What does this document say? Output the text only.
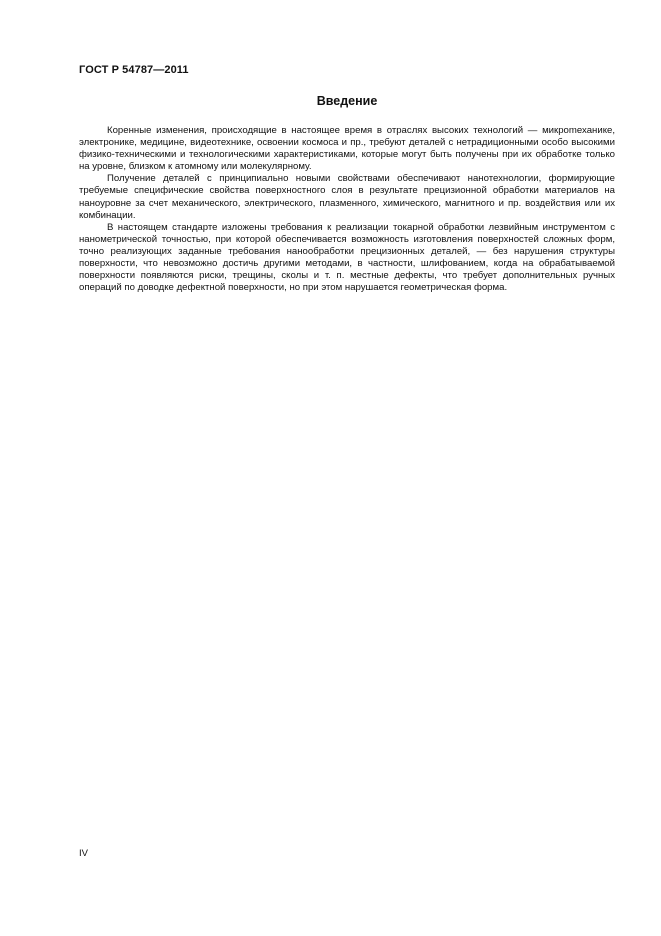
ГОСТ Р 54787—2011
Введение

Коренные изменения, происходящие в настоящее время в отраслях высоких технологий — микроmеханике, электронике, медицине, видеотехнике, освоении космоса и пр., требуют деталей с нетрадиционными особо высокими физико-техническими и технологическими характеристиками, которые могут быть получены при их обработке только на уровне, близком к атомному или молекулярному.

Получение деталей с принципиально новыми свойствами обеспечивают нанотехнологии, формирующие требуемые специфические свойства поверхностного слоя в результате прецизионной обработки материалов на наноуровне за счет механического, электрического, плазменного, химического, магнитного и пр. воздействия или их комбинации.

В настоящем стандарте изложены требования к реализации токарной обработки лезвийным инструментом с нанометрической точностью, при которой обеспечивается возможность изготовления поверхностей сложных форм, точно реализующих заданные требования нанообработки прецизионных деталей, — без нарушения структуры поверхности, что невозможно достичь другими методами, в частности, шлифованием, когда на обрабатываемой поверхности появляются риски, трещины, сколы и т. п. местные дефекты, что требует дополнительных ручных операций по доводке дефектной поверхности, но при этом нарушается геометрическая форма.

IV
